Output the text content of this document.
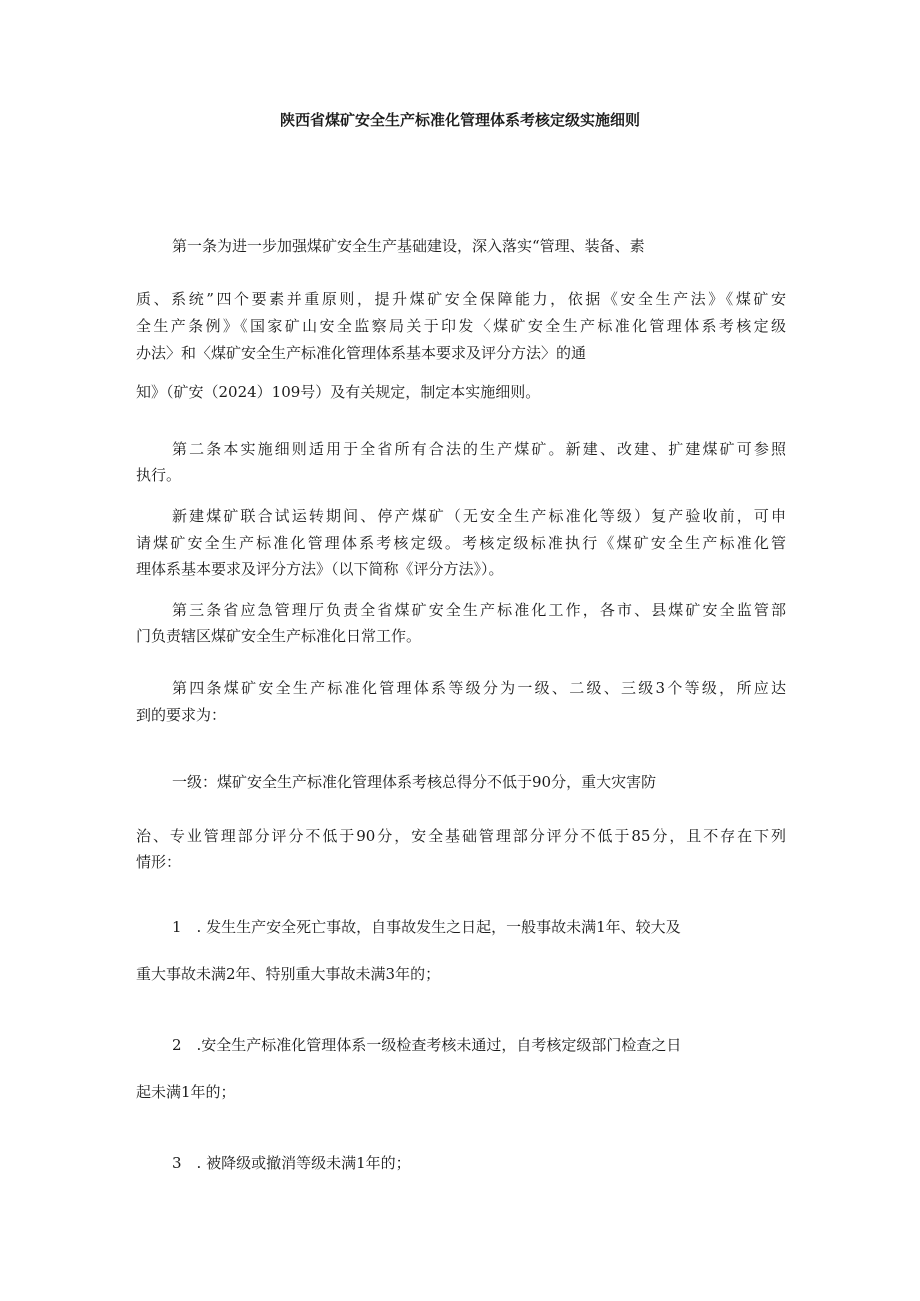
陕西省煤矿安全生产标准化管理体系考核定级实施细则
第一条为进一步加强煤矿安全生产基础建设，深入落实“管理、装备、素
质、系统”四个要素并重原则，提升煤矿安全保障能力，依据《安全生产法》《煤矿安
全生产条例》《国家矿山安全监察局关于印发〈煤矿安全生产标准化管理体系考核定级
办法〉和〈煤矿安全生产标准化管理体系基本要求及评分方法〉的通
知》（矿安（2024）109号）及有关规定，制定本实施细则。
第二条本实施细则适用于全省所有合法的生产煤矿。新建、改建、扩建煤矿可参照
执行。
新建煤矿联合试运转期间、停产煤矿（无安全生产标准化等级）复产验收前，可申
请煤矿安全生产标准化管理体系考核定级。考核定级标准执行《煤矿安全生产标准化管
理体系基本要求及评分方法》（以下简称《评分方法》）。
第三条省应急管理厅负责全省煤矿安全生产标准化工作，各市、县煤矿安全监管部
门负责辖区煤矿安全生产标准化日常工作。
第四条煤矿安全生产标准化管理体系等级分为一级、二级、三级3个等级，所应达
到的要求为：
一级：煤矿安全生产标准化管理体系考核总得分不低于90分，重大灾害防
治、专业管理部分评分不低于90分，安全基础管理部分评分不低于85分，且不存在下列
情形：
1　. 发生生产安全死亡事故，自事故发生之日起，一般事故未满1年、较大及
重大事故未满2年、特别重大事故未满3年的；
2　.安全生产标准化管理体系一级检查考核未通过，自考核定级部门检查之日
起未满1年的；
3　. 被降级或撤消等级未满1年的；
